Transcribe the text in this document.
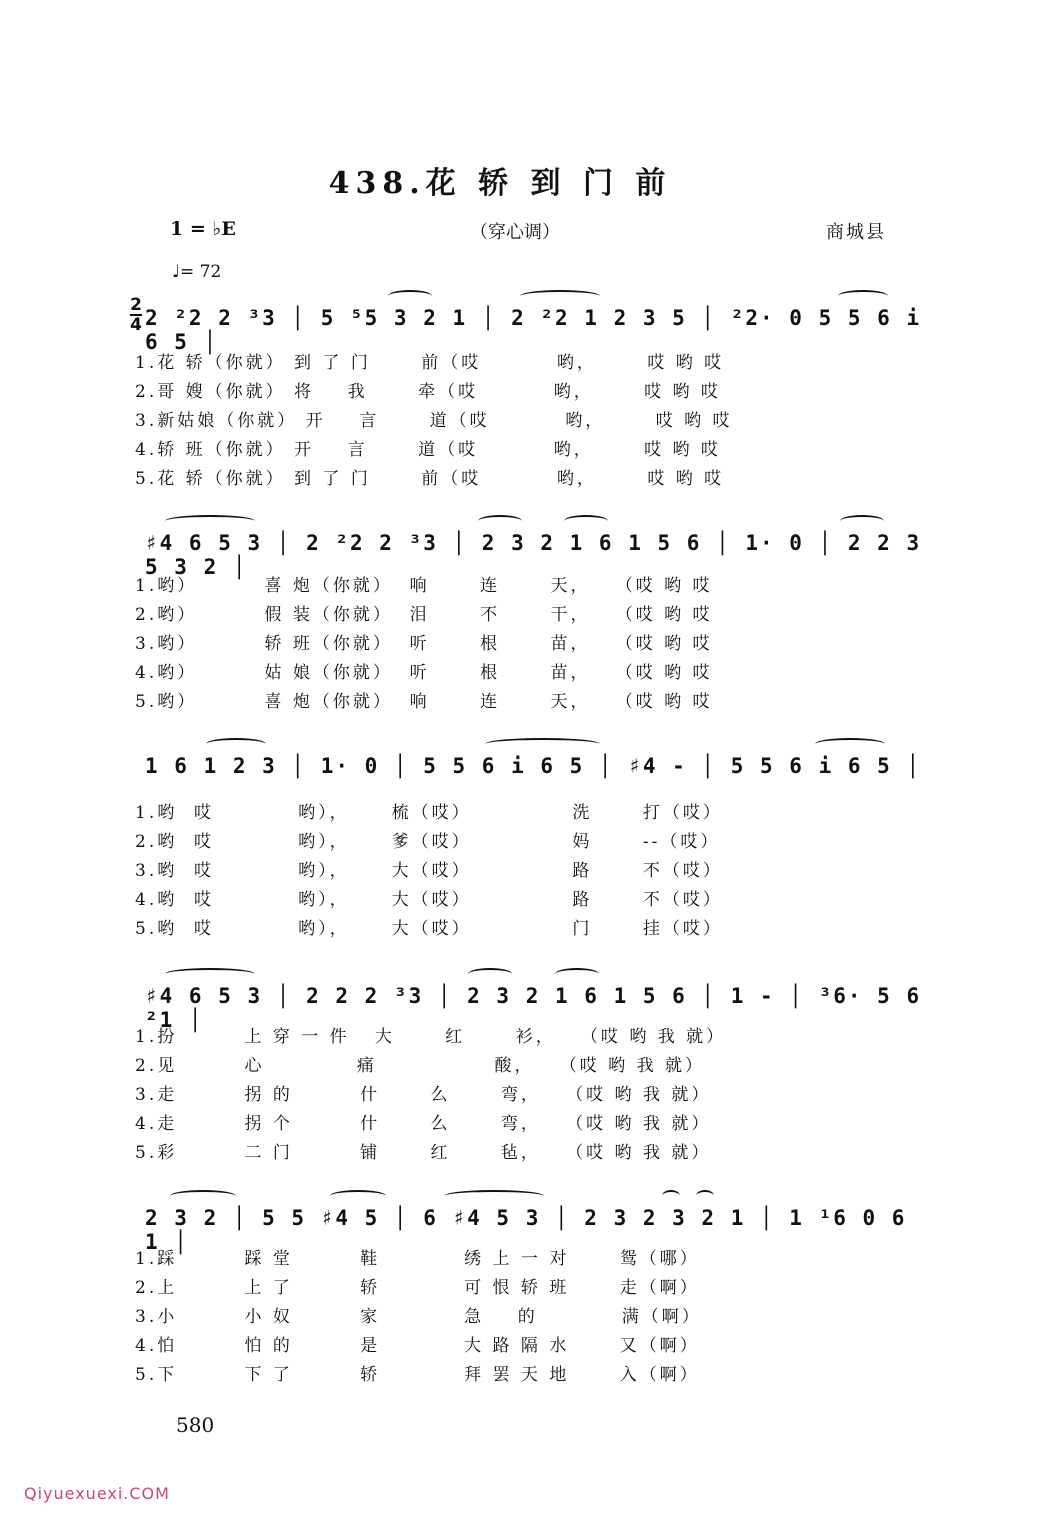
438.花 轿 到 门 前
1 = ♭E	（穿心调）	商城县
♩= 72
2
4 2 ²2 2 ³3 │ 5 ⁵5 3 2 1 │ 2 ²2 1 2 3 5 │ ²2· 0 5 5 6 i 6 5 │
1.花 轿（你就） 到 了 门      前（哎         哟，      哎 哟 哎
2.哥 嫂（你就） 将    我      牵（哎         哟，      哎 哟 哎
3.新姑娘（你就） 开    言      道（哎         哟，      哎 哟 哎
4.轿 班（你就） 开    言      道（哎         哟，      哎 哟 哎
5.花 轿（你就） 到 了 门      前（哎         哟，      哎 哟 哎
♯4 6 5 3 │ 2 ²2 2 ³3 │ 2 3 2 1 6 1 5 6 │ 1· 0 │ 2 2 3 5 3 2 │
1.哟）        喜 炮（你就）  响      连      天，   （哎 哟 哎
2.哟）        假 装（你就）  泪      不      干，   （哎 哟 哎
3.哟）        轿 班（你就）  听      根      苗，   （哎 哟 哎
4.哟）        姑 娘（你就）  听      根      苗，   （哎 哟 哎
5.哟）        喜 炮（你就）  响      连      天，   （哎 哟 哎
1 6 1 2 3 │ 1· 0 │ 5 5 6 i 6 5 │ ♯4 - │ 5 5 6 i 6 5 │
1.哟  哎          哟），     梳（哎）            洗      打（哎）
2.哟  哎          哟），     爹（哎）            妈      --（哎）
3.哟  哎          哟），     大（哎）            路      不（哎）
4.哟  哎          哟），     大（哎）            路      不（哎）
5.哟  哎          哟），     大（哎）            门      挂（哎）
♯4 6 5 3 │ 2 2 2 ³3 │ 2 3 2 1 6 1 5 6 │ 1 - │ ³6· 5 6 ²1 │
1.扮        上 穿 一 件   大      红      衫，   （哎 哟 我 就）
2.见        心           痛              酸，   （哎 哟 我 就）
3.走        拐 的        什      么      弯，   （哎 哟 我 就）
4.走        拐 个        什      么      弯，   （哎 哟 我 就）
5.彩        二 门        铺      红      毡，   （哎 哟 我 就）
2 3 2 │ 5 5 ♯4 5 │ 6 ♯4 5 3 │ 2 3 2 3 2 1 │ 1 ¹6 0 6 1 │
1.踩        踩 堂        鞋          绣 上 一 对      鸳（哪）
2.上        上 了        轿          可 恨 轿 班      走（啊）
3.小        小 奴        家          急    的          满（啊）
4.怕        怕 的        是          大 路 隔 水      又（啊）
5.下        下 了        轿          拜 罢 天 地      入（啊）
580
Qiyuexuexi.COM
